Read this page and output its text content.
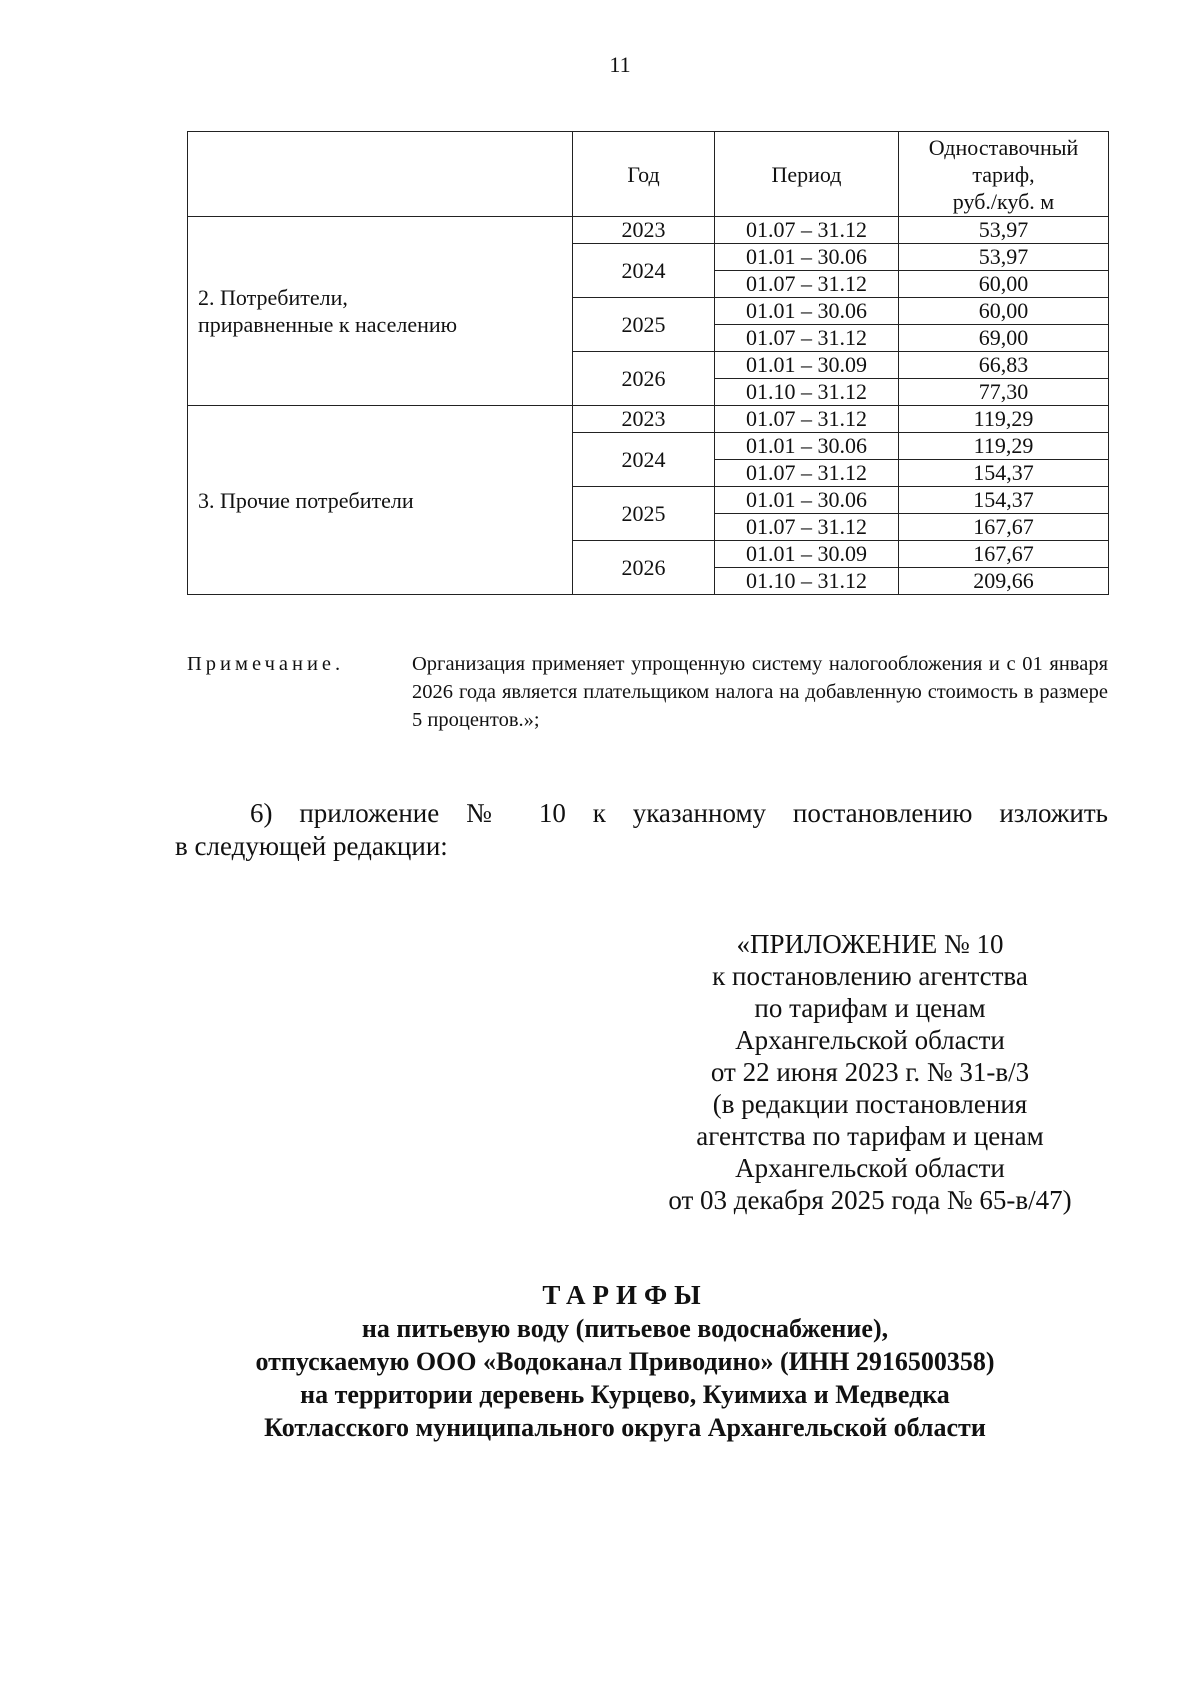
11
	Год	Период	Одноставочный
тариф,
руб./куб. м

2. Потребители,
приравненные к населению	2023	01.07 – 31.12	53,97
	2024	01.01 – 30.06	53,97
		01.07 – 31.12	60,00
	2025	01.01 – 30.06	60,00
		01.07 – 31.12	69,00
	2026	01.01 – 30.09	66,83
		01.10 – 31.12	77,30

3. Прочие потребители	2023	01.07 – 31.12	119,29
	2024	01.01 – 30.06	119,29
		01.07 – 31.12	154,37
	2025	01.01 – 30.06	154,37
		01.07 – 31.12	167,67
	2026	01.01 – 30.09	167,67
		01.10 – 31.12	209,66
Примечание.	Организация применяет упрощенную систему налогообложения и с 01 января 2026 года является плательщиком налога на добавленную стоимость в размере 5 процентов.»;
6) приложение № 10 к указанному постановлению изложить
в следующей редакции:
«ПРИЛОЖЕНИЕ № 10
к постановлению агентства
по тарифам и ценам
Архангельской области
от 22 июня 2023 г. № 31-в/3
(в редакции постановления
агентства по тарифам и ценам
Архангельской области
от 03 декабря 2025 года № 65-в/47)
ТАРИФЫ
на питьевую воду (питьевое водоснабжение),
отпускаемую ООО «Водоканал Приводино» (ИНН 2916500358)
на территории деревень Курцево, Куимиха и Медведка
Котласского муниципального округа Архангельской области
